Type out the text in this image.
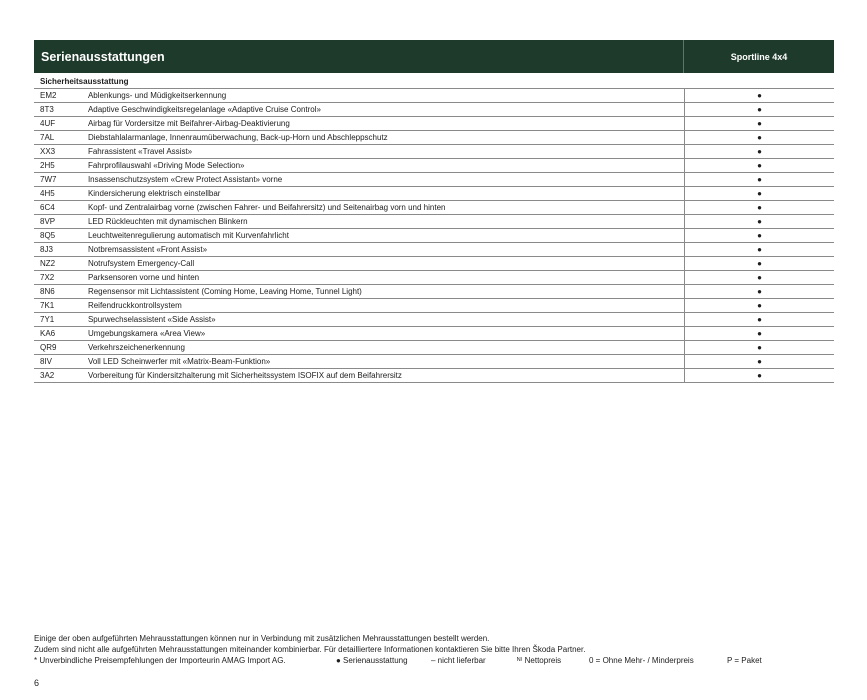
Serienausstattungen	Sportline 4x4
Sicherheitsausstattung
EM2	Ablenkungs- und Müdigkeitserkennung	●
8T3	Adaptive Geschwindigkeitsregelanlage «Adaptive Cruise Control»	●
4UF	Airbag für Vordersitze mit Beifahrer-Airbag-Deaktivierung	●
7AL	Diebstahlalarmanlage, Innenraumüberwachung, Back-up-Horn und Abschleppschutz	●
XX3	Fahrassistent «Travel Assist»	●
2H5	Fahrprofilauswahl «Driving Mode Selection»	●
7W7	Insassenschutzsystem «Crew Protect Assistant» vorne	●
4H5	Kindersicherung elektrisch einstellbar	●
6C4	Kopf- und Zentralairbag vorne (zwischen Fahrer- und Beifahrersitz) und Seitenairbag vorn und hinten	●
8VP	LED Rückleuchten mit dynamischen Blinkern	●
8Q5	Leuchtweitenregulierung automatisch mit Kurvenfahrlicht	●
8J3	Notbremsassistent «Front Assist»	●
NZ2	Notrufsystem Emergency-Call	●
7X2	Parksensoren vorne und hinten	●
8N6	Regensensor mit Lichtassistent (Coming Home, Leaving Home, Tunnel Light)	●
7K1	Reifendruckkontrollsystem	●
7Y1	Spurwechselassistent «Side Assist»	●
KA6	Umgebungskamera «Area View»	●
QR9	Verkehrszeichenerkennung	●
8IV	Voll LED Scheinwerfer mit «Matrix-Beam-Funktion»	●
3A2	Vorbereitung für Kindersitzhalterung mit Sicherheitssystem ISOFIX auf dem Beifahrersitz	●
Einige der oben aufgeführten Mehrausstattungen können nur in Verbindung mit zusätzlichen Mehrausstattungen bestellt werden.
Zudem sind nicht alle aufgeführten Mehrausstattungen miteinander kombinierbar. Für detailliertere Informationen kontaktieren Sie bitte Ihren Škoda Partner.
* Unverbindliche Preisempfehlungen der Importeurin AMAG Import AG.	● Serienausstattung	– nicht lieferbar	ᴺ⁾ Nettopreis	0 = Ohne Mehr- / Minderpreis	P = Paket
6
